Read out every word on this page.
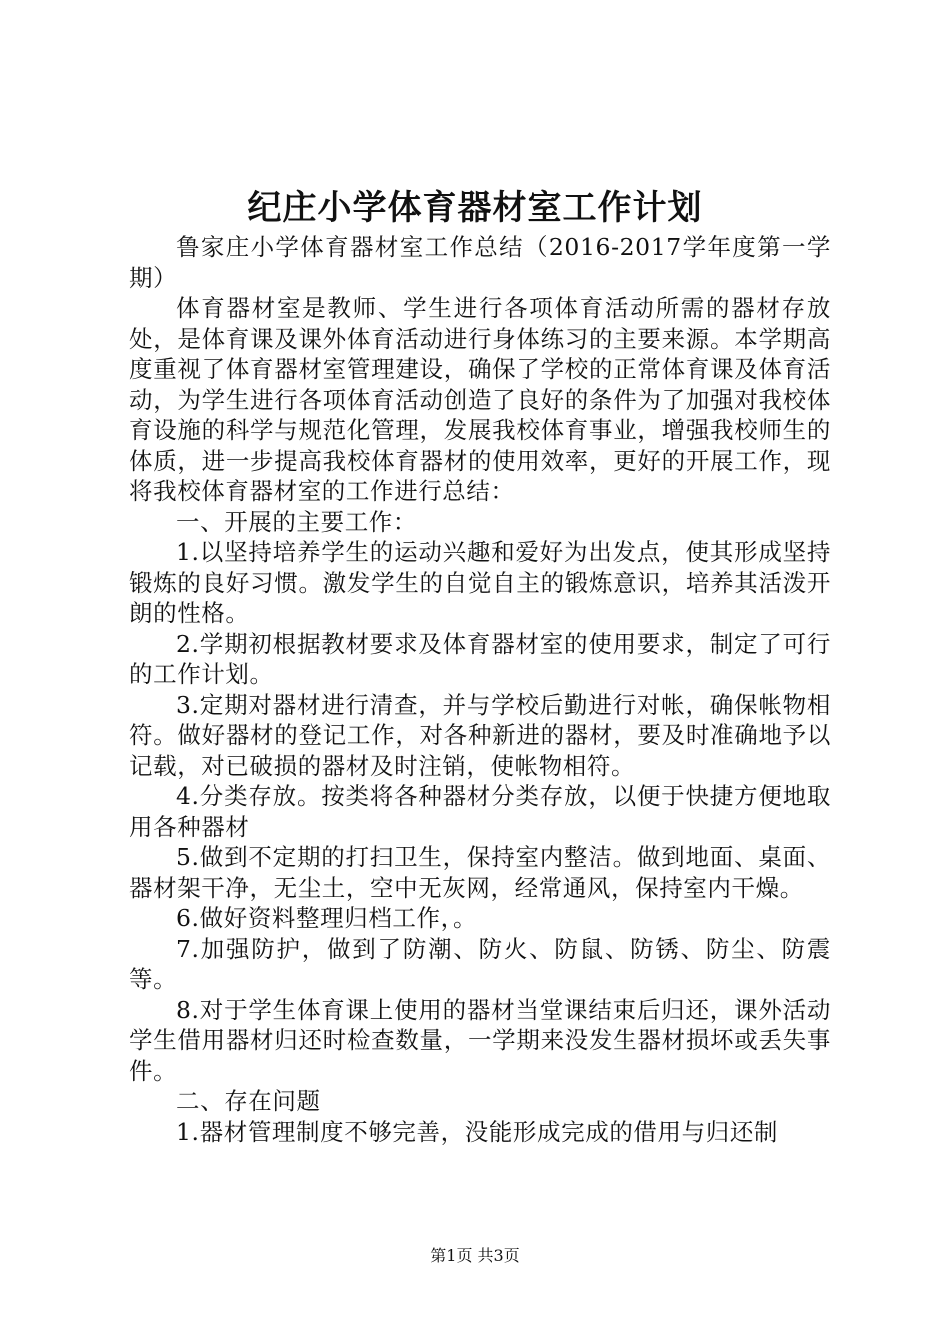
纪庄小学体育器材室工作计划

鲁家庄小学体育器材室工作总结（2016-2017学年度第一学期）

体育器材室是教师、学生进行各项体育活动所需的器材存放处，是体育课及课外体育活动进行身体练习的主要来源。本学期高度重视了体育器材室管理建设，确保了学校的正常体育课及体育活动，为学生进行各项体育活动创造了良好的条件为了加强对我校体育设施的科学与规范化管理，发展我校体育事业，增强我校师生的体质，进一步提高我校体育器材的使用效率，更好的开展工作，现将我校体育器材室的工作进行总结：

一、开展的主要工作：

1.以坚持培养学生的运动兴趣和爱好为出发点，使其形成坚持锻炼的良好习惯。激发学生的自觉自主的锻炼意识，培养其活泼开朗的性格。

2.学期初根据教材要求及体育器材室的使用要求，制定了可行的工作计划。

3.定期对器材进行清查，并与学校后勤进行对帐，确保帐物相符。做好器材的登记工作，对各种新进的器材，要及时准确地予以记载，对已破损的器材及时注销，使帐物相符。

4.分类存放。按类将各种器材分类存放，以便于快捷方便地取用各种器材

5.做到不定期的打扫卫生，保持室内整洁。做到地面、桌面、器材架干净，无尘土，空中无灰网，经常通风，保持室内干燥。

6.做好资料整理归档工作，。

7.加强防护，做到了防潮、防火、防鼠、防锈、防尘、防震等。

8.对于学生体育课上使用的器材当堂课结束后归还，课外活动学生借用器材归还时检查数量，一学期来没发生器材损坏或丢失事件。

二、存在问题

1.器材管理制度不够完善，没能形成完成的借用与归还制

第1页 共3页
